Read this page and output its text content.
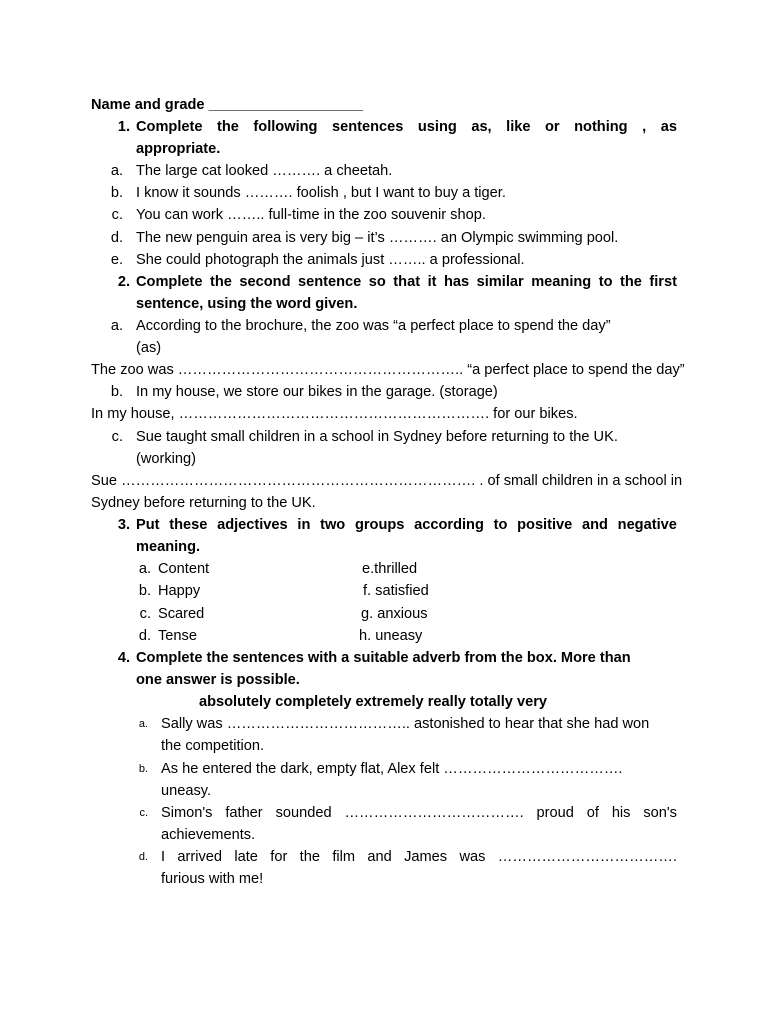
Name and grade ___________________
1. Complete the following sentences using as, like or nothing , as
appropriate.
a. The large cat looked ………. a cheetah.
b. I know it sounds ………. foolish , but I want to buy a tiger.
c. You can work …….. full-time in the zoo souvenir shop.
d. The new penguin area is very big – it’s ………. an Olympic swimming pool.
e. She could photograph the animals just …….. a professional.
2. Complete the second sentence so that it has similar meaning to the first
sentence, using the word given.
a. According to the brochure, the zoo was “a perfect place to spend the day”
(as)
The zoo was ………………………………………………….. “a perfect place to spend the day”
b. In my house, we store our bikes in the garage. (storage)
In my house, ………………………………………………………. for our bikes.
c. Sue taught small children in a school in Sydney before returning to the UK.
(working)
Sue ………………………………………………………………. . of small children in a school in
Sydney before returning to the UK.
3. Put these adjectives in two groups according to positive and negative
meaning.
a. Content	e.thrilled
b. Happy	f. satisfied
c. Scared	g. anxious
d. Tense	h. uneasy
4. Complete the sentences with a suitable adverb from the box. More than
one answer is possible.
absolutely completely extremely really totally very
a. Sally was ……………………………….. astonished to hear that she had won
the competition.
b. As he entered the dark, empty flat, Alex felt ……………………………….
uneasy.
c. Simon's father sounded ………………………………. proud of his son's
achievements.
d. I arrived late for the film and James was ……………………………….
furious with me!
